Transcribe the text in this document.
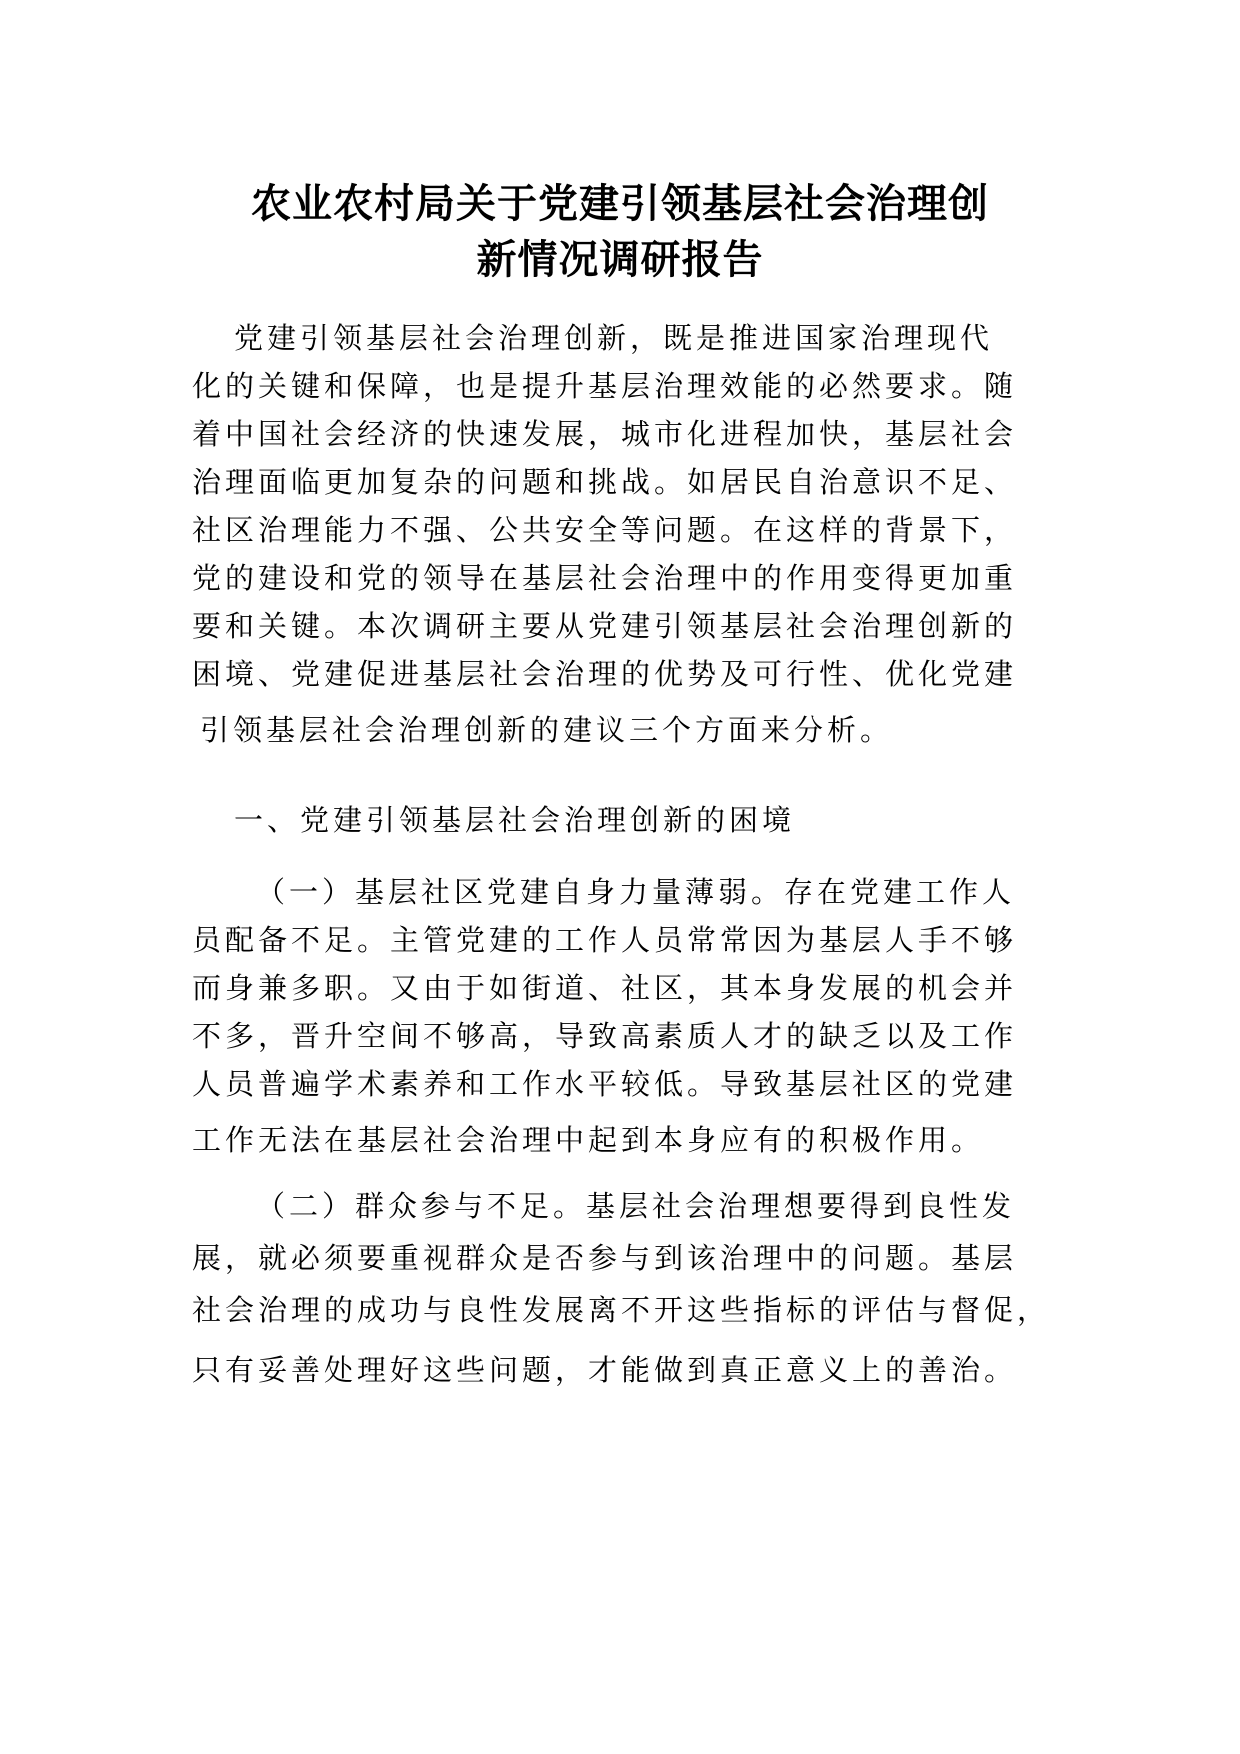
农业农村局关于党建引领基层社会治理创
新情况调研报告

党建引领基层社会治理创新，既是推进国家治理现代

化的关键和保障，也是提升基层治理效能的必然要求。随

着中国社会经济的快速发展，城市化进程加快，基层社会

治理面临更加复杂的问题和挑战。如居民自治意识不足、

社区治理能力不强、公共安全等问题。在这样的背景下，

党的建设和党的领导在基层社会治理中的作用变得更加重

要和关键。本次调研主要从党建引领基层社会治理创新的

困境、党建促进基层社会治理的优势及可行性、优化党建

引领基层社会治理创新的建议三个方面来分析。

一、党建引领基层社会治理创新的困境

（一）基层社区党建自身力量薄弱。存在党建工作人

员配备不足。主管党建的工作人员常常因为基层人手不够

而身兼多职。又由于如街道、社区，其本身发展的机会并

不多，晋升空间不够高，导致高素质人才的缺乏以及工作

人员普遍学术素养和工作水平较低。导致基层社区的党建

工作无法在基层社会治理中起到本身应有的积极作用。

（二）群众参与不足。基层社会治理想要得到良性发

展，就必须要重视群众是否参与到该治理中的问题。基层

社会治理的成功与良性发展离不开这些指标的评估与督促，

只有妥善处理好这些问题，才能做到真正意义上的善治。
